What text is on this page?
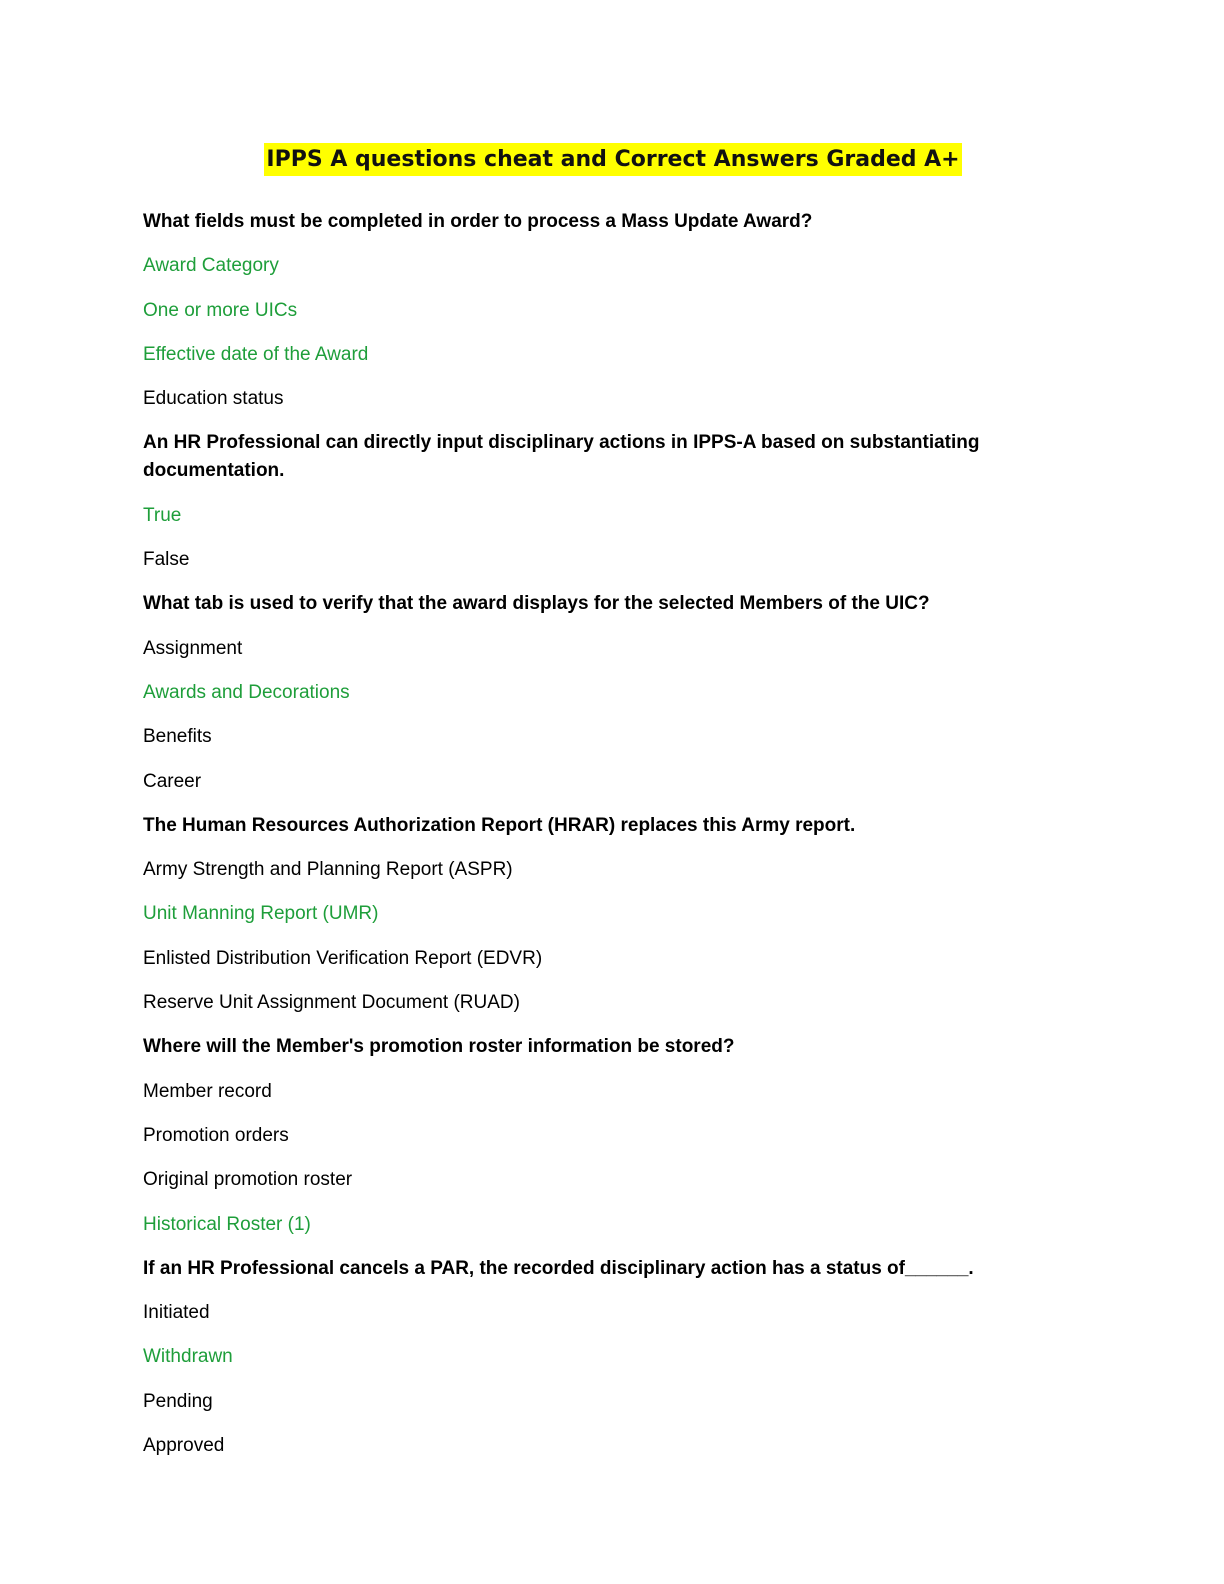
IPPS A questions cheat and Correct Answers Graded A+
What fields must be completed in order to process a Mass Update Award?
Award Category
One or more UICs
Effective date of the Award
Education status
An HR Professional can directly input disciplinary actions in IPPS-A based on substantiating documentation.
True
False
What tab is used to verify that the award displays for the selected Members of the UIC?
Assignment
Awards and Decorations
Benefits
Career
The Human Resources Authorization Report (HRAR) replaces this Army report.
Army Strength and Planning Report (ASPR)
Unit Manning Report (UMR)
Enlisted Distribution Verification Report (EDVR)
Reserve Unit Assignment Document (RUAD)
Where will the Member's promotion roster information be stored?
Member record
Promotion orders
Original promotion roster
Historical Roster (1)
If an HR Professional cancels a PAR, the recorded disciplinary action has a status of______.
Initiated
Withdrawn
Pending
Approved
